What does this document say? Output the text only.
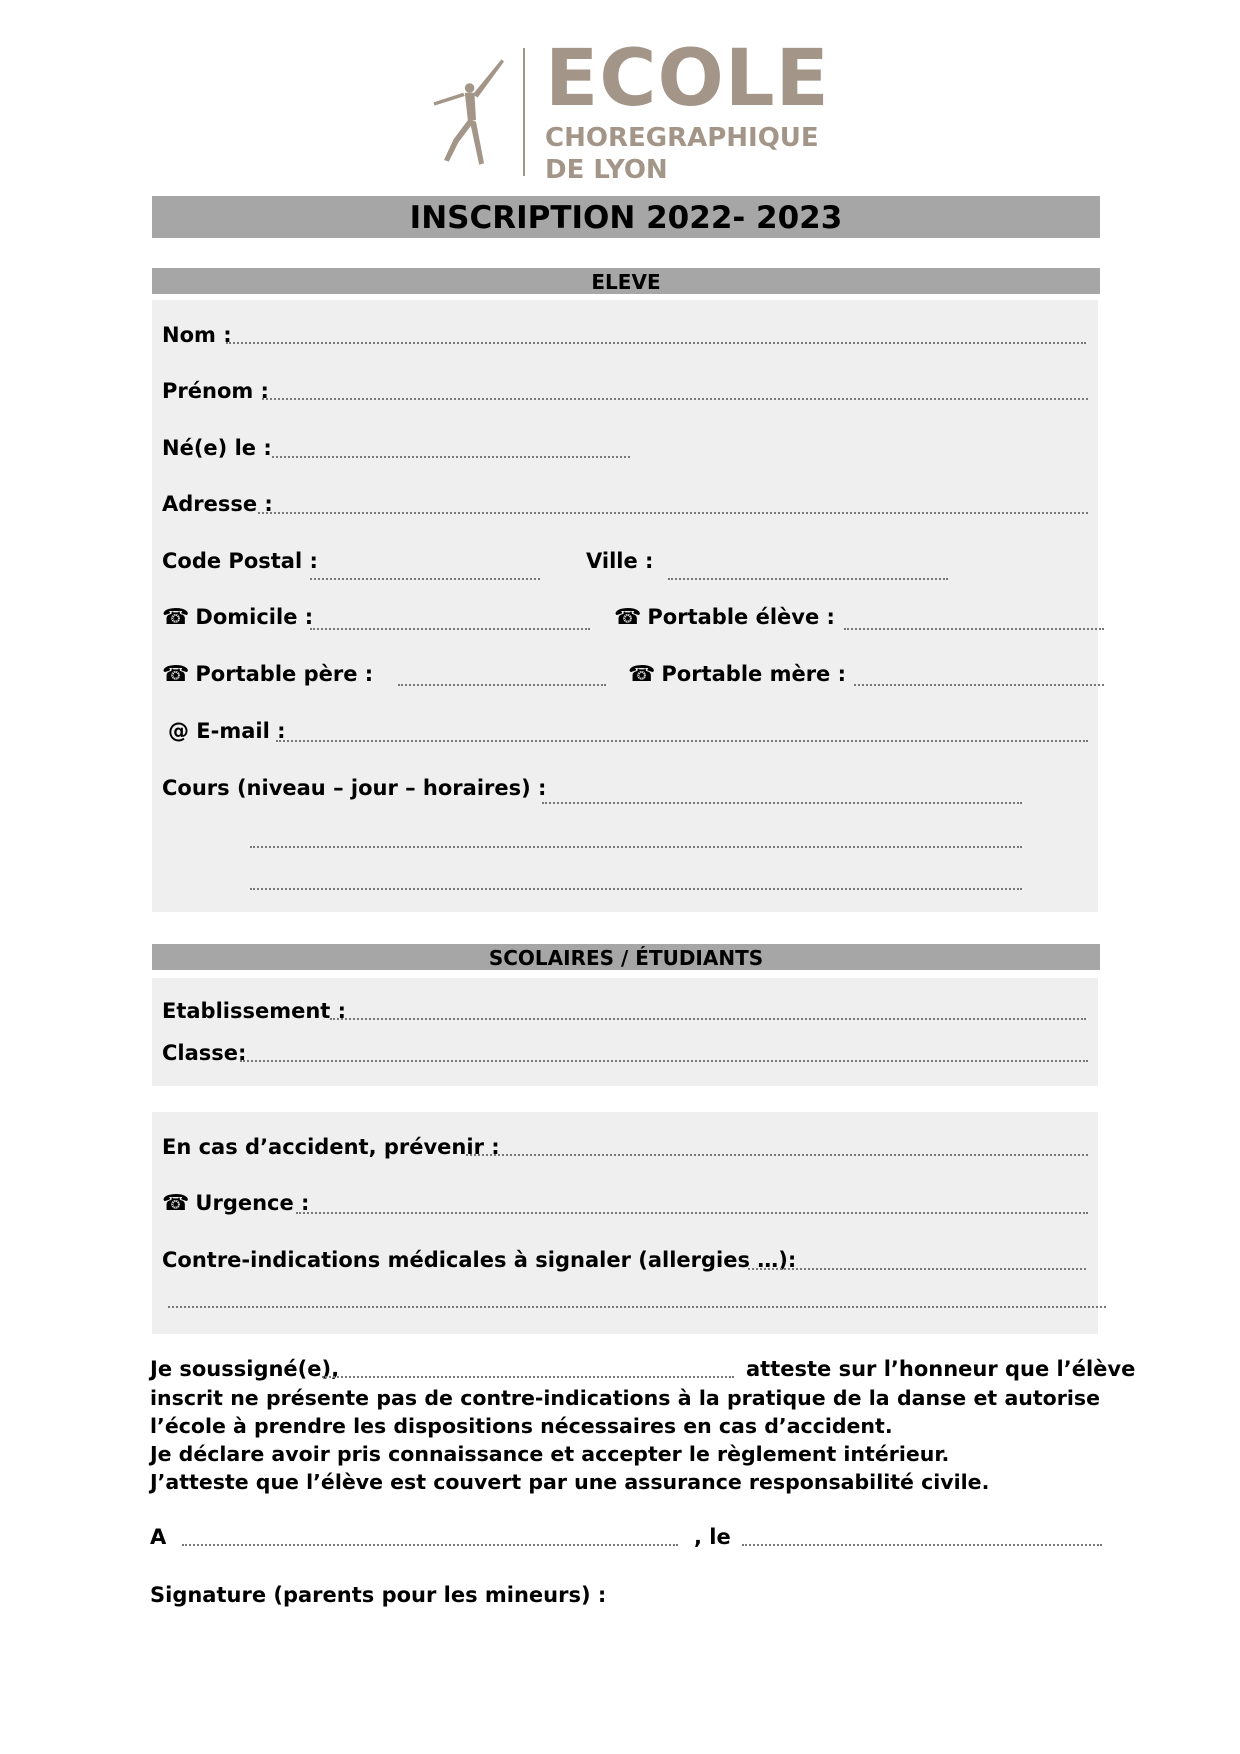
ECOLE
CHOREGRAPHIQUE
DE LYON
INSCRIPTION 2022- 2023
ELEVE
Nom :
Prénom :
Né(e) le :
Adresse :
Code Postal :	Ville :
☎ Domicile :	☎ Portable élève :
☎ Portable père :	☎ Portable mère :
@ E-mail :
Cours (niveau – jour – horaires) :
SCOLAIRES / ÉTUDIANTS
Etablissement :
Classe:
En cas d’accident, prévenir :
☎ Urgence :
Contre-indications médicales à signaler (allergies …):
Je soussigné(e),	atteste sur l’honneur que l’élève

inscrit ne présente pas de contre-indications à la pratique de la danse et autorise

l’école à prendre les dispositions nécessaires en cas d’accident.

Je déclare avoir pris connaissance et accepter le règlement intérieur.

J’atteste que l’élève est couvert par une assurance responsabilité civile.

A	, le
Signature (parents pour les mineurs) :
